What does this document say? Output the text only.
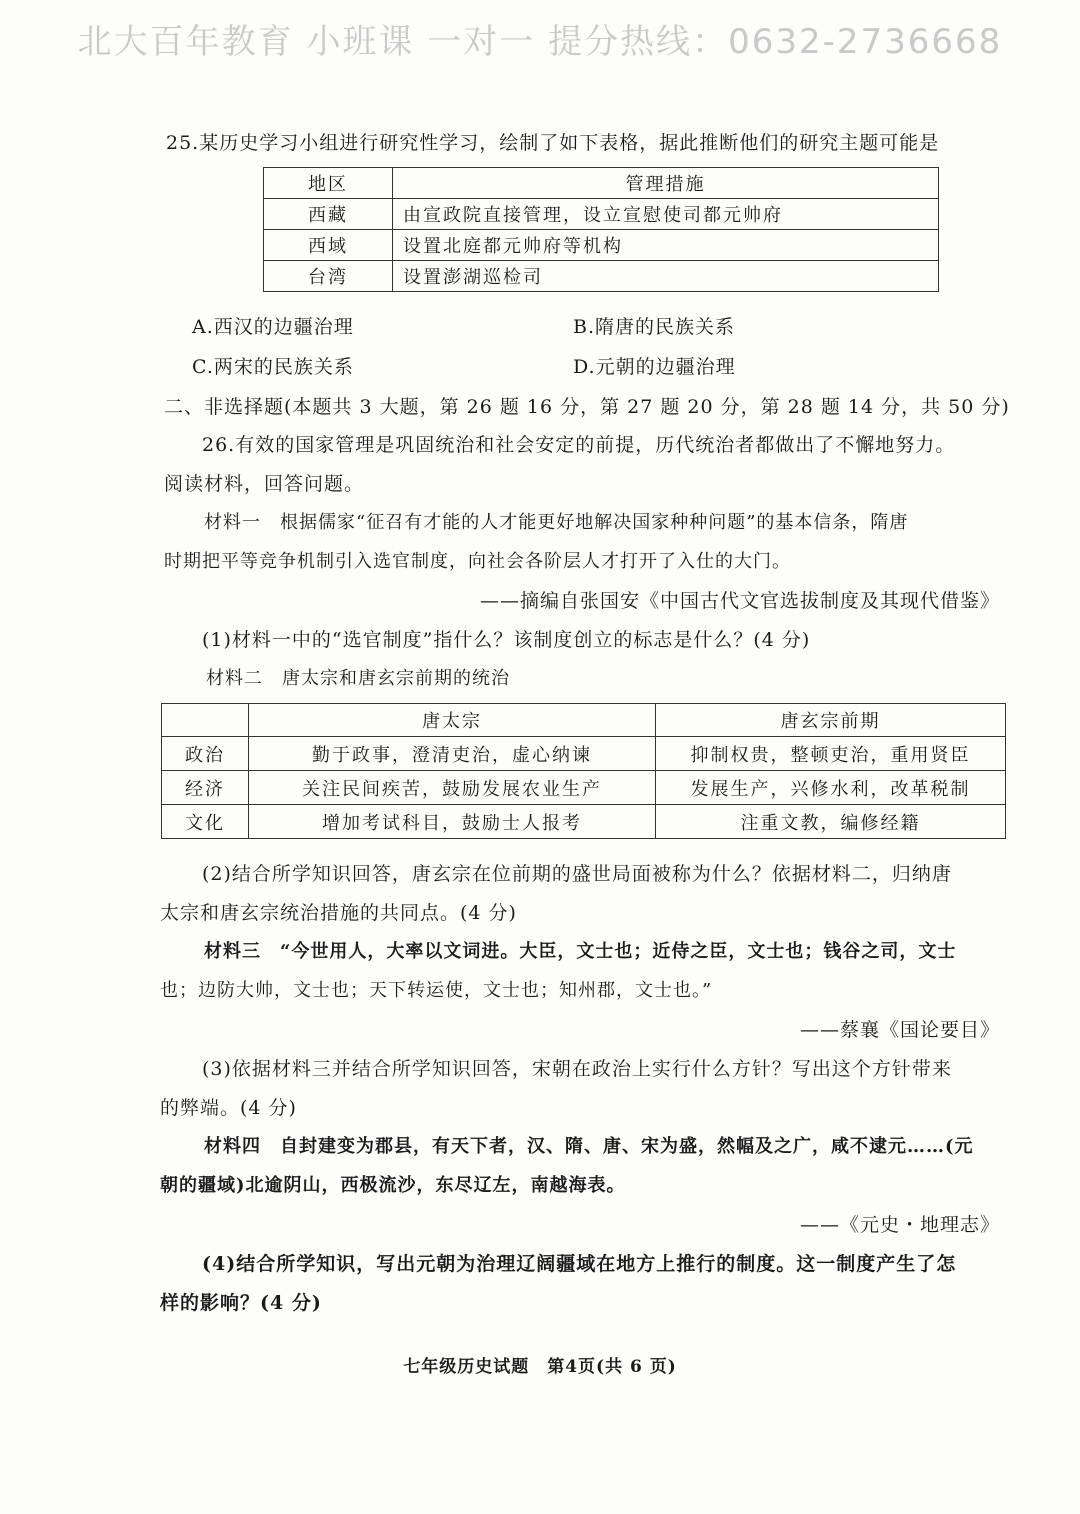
北大百年教育 小班课 一对一 提分热线：0632-2736668
25.某历史学习小组进行研究性学习，绘制了如下表格，据此推断他们的研究主题可能是
地区	管理措施
西藏	由宣政院直接管理，设立宣慰使司都元帅府
西域	设置北庭都元帅府等机构
台湾	设置澎湖巡检司
A.西汉的边疆治理	B.隋唐的民族关系
C.两宋的民族关系	D.元朝的边疆治理
二、非选择题(本题共 3 大题，第 26 题 16 分，第 27 题 20 分，第 28 题 14 分，共 50 分)
26.有效的国家管理是巩固统治和社会安定的前提，历代统治者都做出了不懈地努力。
阅读材料，回答问题。
材料一　根据儒家“征召有才能的人才能更好地解决国家种种问题”的基本信条，隋唐
时期把平等竞争机制引入选官制度，向社会各阶层人才打开了入仕的大门。
——摘编自张国安《中国古代文官选拔制度及其现代借鉴》
(1)材料一中的“选官制度”指什么？该制度创立的标志是什么？(4 分)
材料二　唐太宗和唐玄宗前期的统治
	唐太宗	唐玄宗前期
政治	勤于政事，澄清吏治，虚心纳谏	抑制权贵，整顿吏治，重用贤臣
经济	关注民间疾苦，鼓励发展农业生产	发展生产，兴修水利，改革税制
文化	增加考试科目，鼓励士人报考	注重文教，编修经籍
(2)结合所学知识回答，唐玄宗在位前期的盛世局面被称为什么？依据材料二，归纳唐
太宗和唐玄宗统治措施的共同点。(4 分)
材料三　“今世用人，大率以文词进。大臣，文士也；近侍之臣，文士也；钱谷之司，文士
也；边防大帅，文士也；天下转运使，文士也；知州郡，文士也。”
——蔡襄《国论要目》
(3)依据材料三并结合所学知识回答，宋朝在政治上实行什么方针？写出这个方针带来
的弊端。(4 分)
材料四　自封建变为郡县，有天下者，汉、隋、唐、宋为盛，然幅及之广，咸不逮元……(元
朝的疆域)北逾阴山，西极流沙，东尽辽左，南越海表。
——《元史・地理志》
(4)结合所学知识，写出元朝为治理辽阔疆域在地方上推行的制度。这一制度产生了怎
样的影响？(4 分)
七年级历史试题　第4页(共 6 页)
